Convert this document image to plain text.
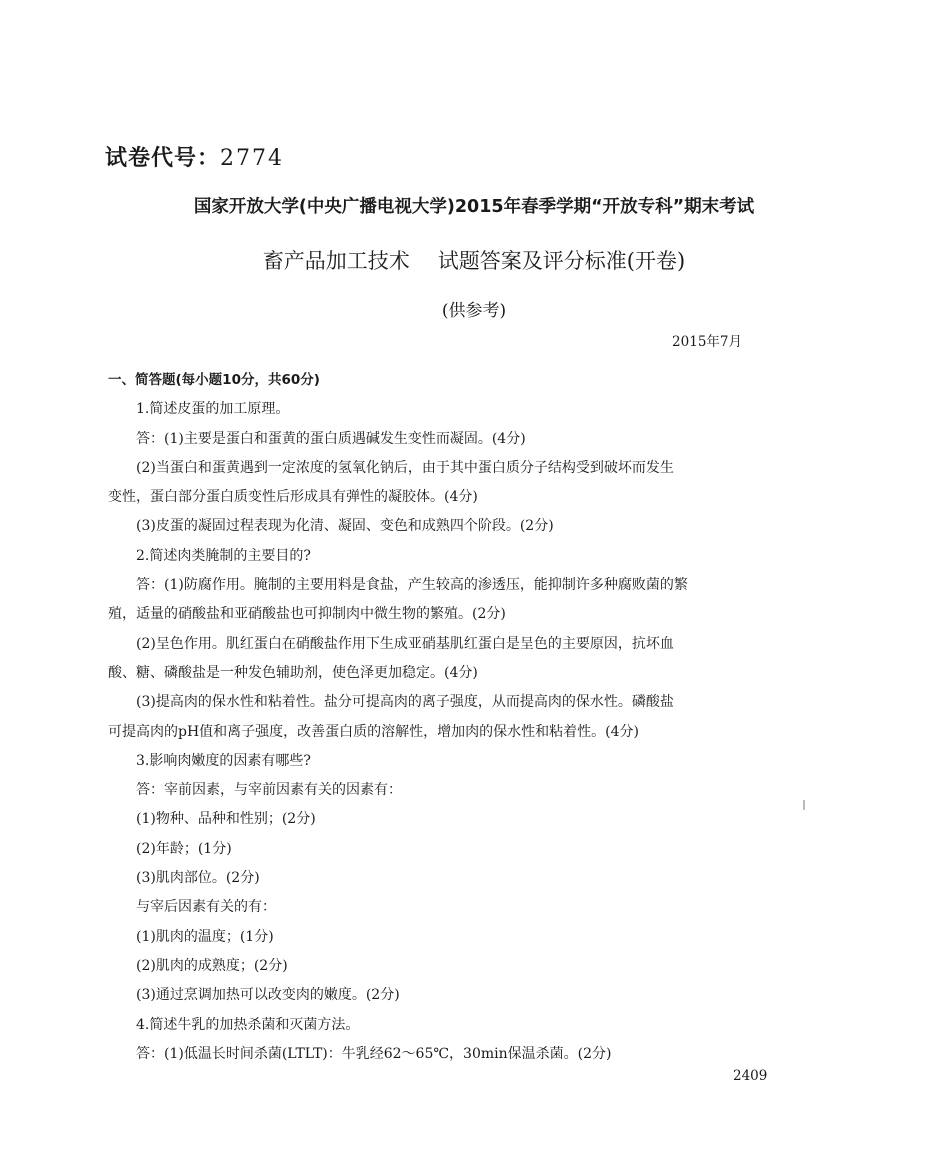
试卷代号：2774
国家开放大学(中央广播电视大学)2015年春季学期“开放专科”期末考试
畜产品加工技术 试题答案及评分标准(开卷)
(供参考)
2015年7月
一、简答题(每小题10分，共60分)
1.简述皮蛋的加工原理。
答：(1)主要是蛋白和蛋黄的蛋白质遇碱发生变性而凝固。(4分)
(2)当蛋白和蛋黄遇到一定浓度的氢氧化钠后，由于其中蛋白质分子结构受到破坏而发生
变性，蛋白部分蛋白质变性后形成具有弹性的凝胶体。(4分)
(3)皮蛋的凝固过程表现为化清、凝固、变色和成熟四个阶段。(2分)
2.简述肉类腌制的主要目的?
答：(1)防腐作用。腌制的主要用料是食盐，产生较高的渗透压，能抑制许多种腐败菌的繁
殖，适量的硝酸盐和亚硝酸盐也可抑制肉中微生物的繁殖。(2分)
(2)呈色作用。肌红蛋白在硝酸盐作用下生成亚硝基肌红蛋白是呈色的主要原因，抗坏血
酸、糖、磷酸盐是一种发色辅助剂，使色泽更加稳定。(4分)
(3)提高肉的保水性和粘着性。盐分可提高肉的离子强度，从而提高肉的保水性。磷酸盐
可提高肉的pH值和离子强度，改善蛋白质的溶解性，增加肉的保水性和粘着性。(4分)
3.影响肉嫩度的因素有哪些?
答：宰前因素，与宰前因素有关的因素有：
(1)物种、品种和性别；(2分)
(2)年龄；(1分)
(3)肌肉部位。(2分)
与宰后因素有关的有：
(1)肌肉的温度；(1分)
(2)肌肉的成熟度；(2分)
(3)通过烹调加热可以改变肉的嫩度。(2分)
4.简述牛乳的加热杀菌和灭菌方法。
答：(1)低温长时间杀菌(LTLT)：牛乳经62～65℃，30min保温杀菌。(2分)
2409
